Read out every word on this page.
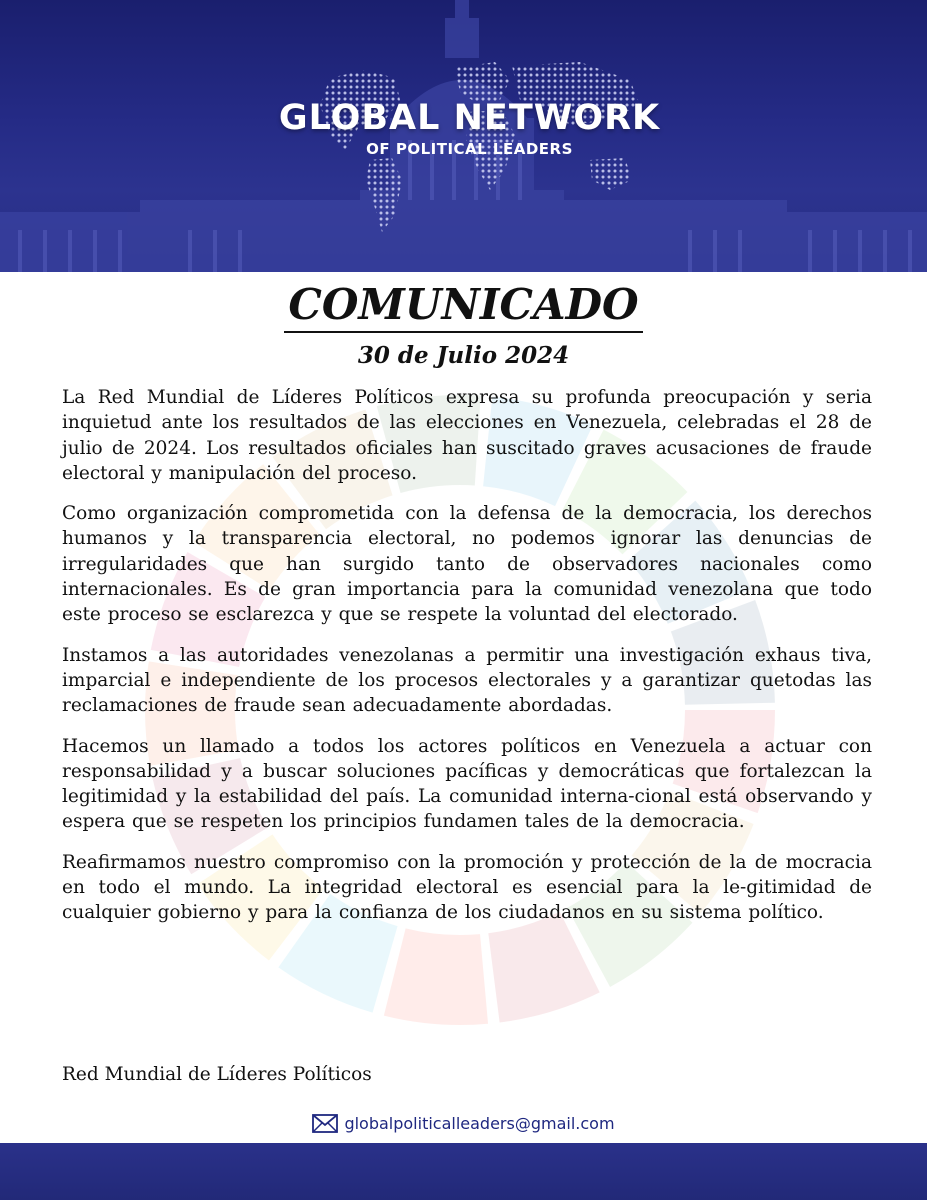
GLOBAL NETWORK
OF POLITICAL LEADERS
COMUNICADO
30 de Julio 2024

La Red Mundial de Líderes Políticos expresa su profunda preocupación y seria inquietud ante los resultados de las elecciones en Venezuela, celebradas el 28 de julio de 2024. Los resultados oficiales han suscitado graves acusaciones de fraude electoral y manipulación del proceso.

Como organización comprometida con la defensa de la democracia, los derechos humanos y la transparencia electoral, no podemos ignorar las denuncias de irregularidades que han surgido tanto de observadores nacionales como internacionales. Es de gran importancia para la comunidad venezolana que todo este proceso se esclarezca y que se respete la voluntad del electorado.

Instamos a las autoridades venezolanas a permitir una investigación exhaus tiva, imparcial e independiente de los procesos electorales y a garantizar quetodas las reclamaciones de fraude sean adecuadamente abordadas.

Hacemos un llamado a todos los actores políticos en Venezuela a actuar con responsabilidad y a buscar soluciones pacíficas y democráticas que fortalezcan la legitimidad y la estabilidad del país. La comunidad interna-cional está observando y espera que se respeten los principios fundamen tales de la democracia.

Reafirmamos nuestro compromiso con la promoción y protección de la de mocracia en todo el mundo. La integridad electoral es esencial para la le-gitimidad de cualquier gobierno y para la confianza de los ciudadanos en su sistema político.

Red Mundial de Líderes Políticos
globalpoliticalleaders@gmail.com
